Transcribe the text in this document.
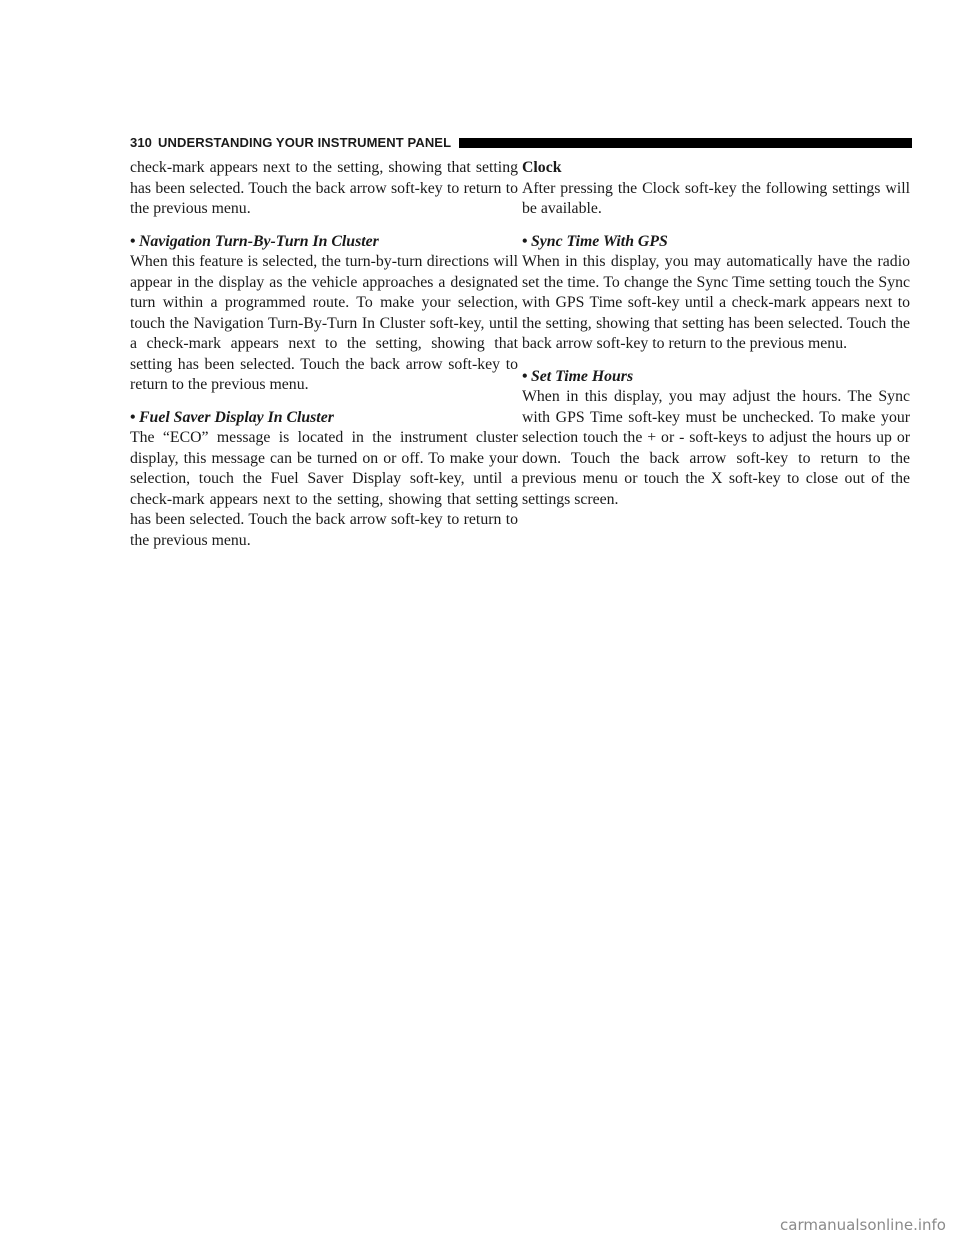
310 UNDERSTANDING YOUR INSTRUMENT PANEL

check-mark appears next to the setting, showing that setting has been selected. Touch the back arrow soft-key to return to the previous menu.

• Navigation Turn-By-Turn In Cluster

When this feature is selected, the turn-by-turn directions will appear in the display as the vehicle approaches a designated turn within a programmed route. To make your selection, touch the Navigation Turn-By-Turn In Cluster soft-key, until a check-mark appears next to the setting, showing that setting has been selected. Touch the back arrow soft-key to return to the previous menu.

• Fuel Saver Display In Cluster

The “ECO” message is located in the instrument cluster display, this message can be turned on or off. To make your selection, touch the Fuel Saver Display soft-key, until a check-mark appears next to the setting, showing that setting has been selected. Touch the back arrow soft-key to return to the previous menu.

Clock

After pressing the Clock soft-key the following settings will be available.

• Sync Time With GPS

When in this display, you may automatically have the radio set the time. To change the Sync Time setting touch the Sync with GPS Time soft-key until a check-mark appears next to the setting, showing that setting has been selected. Touch the back arrow soft-key to return to the previous menu.

• Set Time Hours

When in this display, you may adjust the hours. The Sync with GPS Time soft-key must be unchecked. To make your selection touch the + or - soft-keys to adjust the hours up or down. Touch the back arrow soft-key to return to the previous menu or touch the X soft-key to close out of the settings screen.

carmanualsonline.info
